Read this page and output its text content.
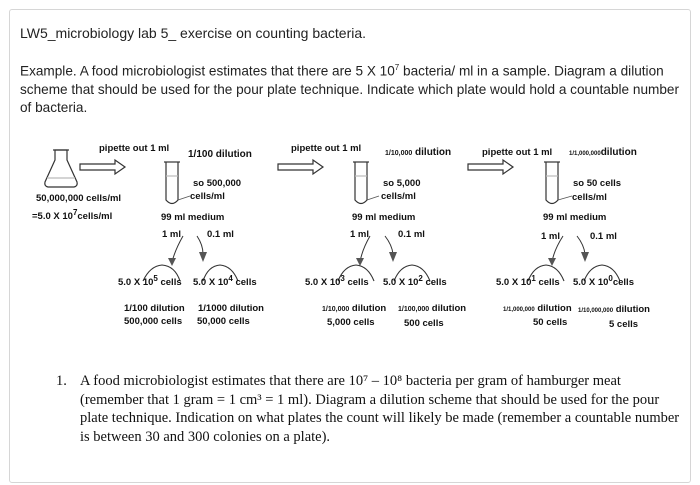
LW5_microbiology lab 5_ exercise on counting bacteria.
Example. A food microbiologist estimates that there are 5 X $10^7$ bacteria/ ml in a sample. Diagram a dilution scheme that should be used for the pour plate technique. Indicate which plate would hold a countable number of bacteria.
pipette out 1 ml
1/100 dilution
50,000,000 cells/ml
=5.0 X $10^7cells/ml$
so 500,000
cells/ml
99 ml medium
1 ml	0.1 ml
5.0 X $10^5$ cells 5.0 X $10^4$ cells
1/100 dilution
500,000 cells
1/1000 dilution
50,000 cells
pipette out 1 ml	1/10,000 dilution
so 5,000
cells/ml
99 ml medium
1 ml	0.1 ml
5.0 X $10^3$ cells 5.0 X $10^2$ cells
1/10,000 dilution
5,000 cells
1/100,000 dilution
500 cells
pipette out 1 ml	1/1,000,000dilution
so 50 cells
cells/ml
99 ml medium
1 ml	0.1 ml
5.0 X $10^1$ cells 5.0 X $10^0cells$
1/1,000,000 dilution
50 cells
1/10,000,000 dilution
5 cells
1. A food microbiologist estimates that there are 10⁷ – 10⁸ bacteria per gram of hamburger meat (remember that 1 gram = 1 cm³ = 1 ml). Diagram a dilution scheme that should be used for the pour plate technique. Indication on what plates the count will likely be made (remember a countable number is between 30 and 300 colonies on a plate).
